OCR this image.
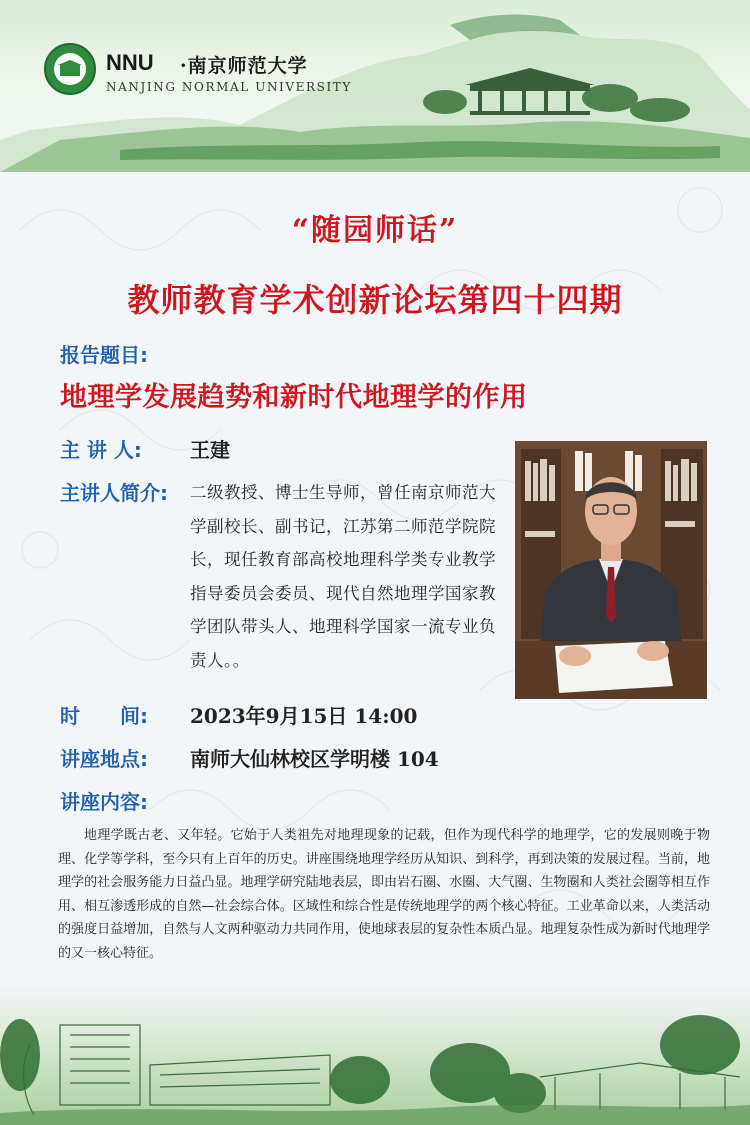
NNU ·南京师范大学
NANJING NORMAL UNIVERSITY
“随园师话”
教师教育学术创新论坛第四十四期
报告题目:
地理学发展趋势和新时代地理学的作用
主 讲 人: 王建
主讲人简介: 二级教授、博士生导师，曾任南京师范大学副校长、副书记，江苏第二师范学院院长，现任教育部高校地理科学类专业教学指导委员会委员、现代自然地理学国家教学团队带头人、地理科学国家一流专业负责人。。
时　　间: 2023年9月15日 14:00
讲座地点: 南师大仙林校区学明楼 104
讲座内容:
地理学既古老、又年轻。它始于人类祖先对地理现象的记载，但作为现代科学的地理学，它的发展则晚于物理、化学等学科，至今只有上百年的历史。讲座围绕地理学经历从知识、到科学，再到决策的发展过程。当前，地理学的社会服务能力日益凸显。地理学研究陆地表层，即由岩石圈、水圈、大气圈、生物圈和人类社会圈等相互作用、相互渗透形成的自然—社会综合体。区域性和综合性是传统地理学的两个核心特征。工业革命以来，人类活动的强度日益增加，自然与人文两种驱动力共同作用，使地球表层的复杂性本质凸显。地理复杂性成为新时代地理学的又一核心特征。
